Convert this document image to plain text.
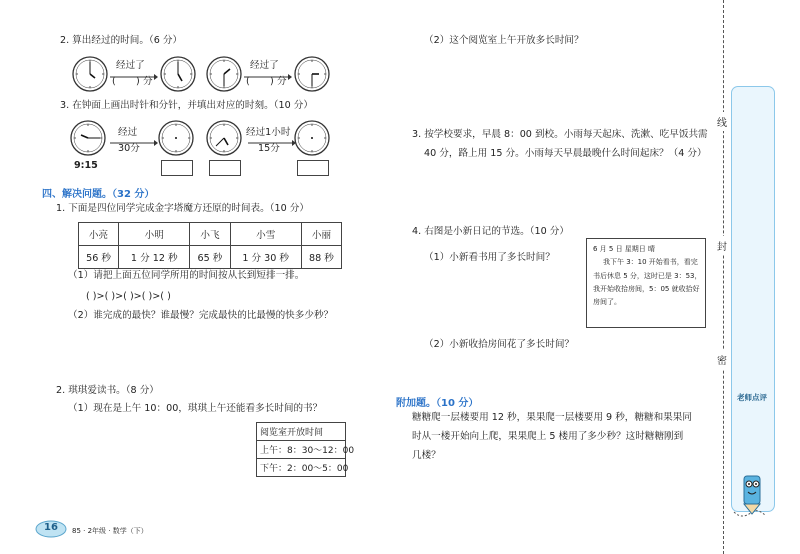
2. 算出经过的时间。（6 分）
经过了
( ) 分
经过了
( ) 分
3. 在钟面上画出时针和分针，并填出对应的时刻。（10 分）
9:15
经过
30分
经过1小时
15分
四、解决问题。（32 分）
1. 下面是四位同学完成金字塔魔方还原的时间表。（10 分）
小亮	小明	小飞	小雪	小丽
56 秒	1 分 12 秒	65 秒	1 分 30 秒	88 秒
（1）请把上面五位同学所用的时间按从长到短排一排。
( )>( )>( )>( )>( )
（2）谁完成的最快？谁最慢？完成最快的比最慢的快多少秒？
2. 琪琪爱读书。（8 分）
（1）现在是上午 10：00，琪琪上午还能看多长时间的书？
阅览室开放时间
上午：8：30～12：00
下午：2：00～5：00
16	85 · 2年级 · 数学（下）
（2）这个阅览室上午开放多长时间？
3. 按学校要求，早晨 8：00 到校。小雨每天起床、洗漱、吃早饭共需
40 分，路上用 15 分。小雨每天早晨最晚什么时间起床？（4 分）
4. 右图是小新日记的节选。（10 分）
（1）小新看书用了多长时间？
（2）小新收拾房间花了多长时间？
6 月 5 日 星期日 晴
我下午 3：10 开始看书，看完
书后休息 5 分，这时已是 3：53，
我开始收拾房间，5：05 就收拾好
房间了。
附加题。（10 分）
糖糖爬一层楼要用 12 秒，果果爬一层楼要用 9 秒，糖糖和果果同
时从一楼开始向上爬，果果爬上 5 楼用了多少秒？这时糖糖刚到
几楼？
线
封
密
老师点评
